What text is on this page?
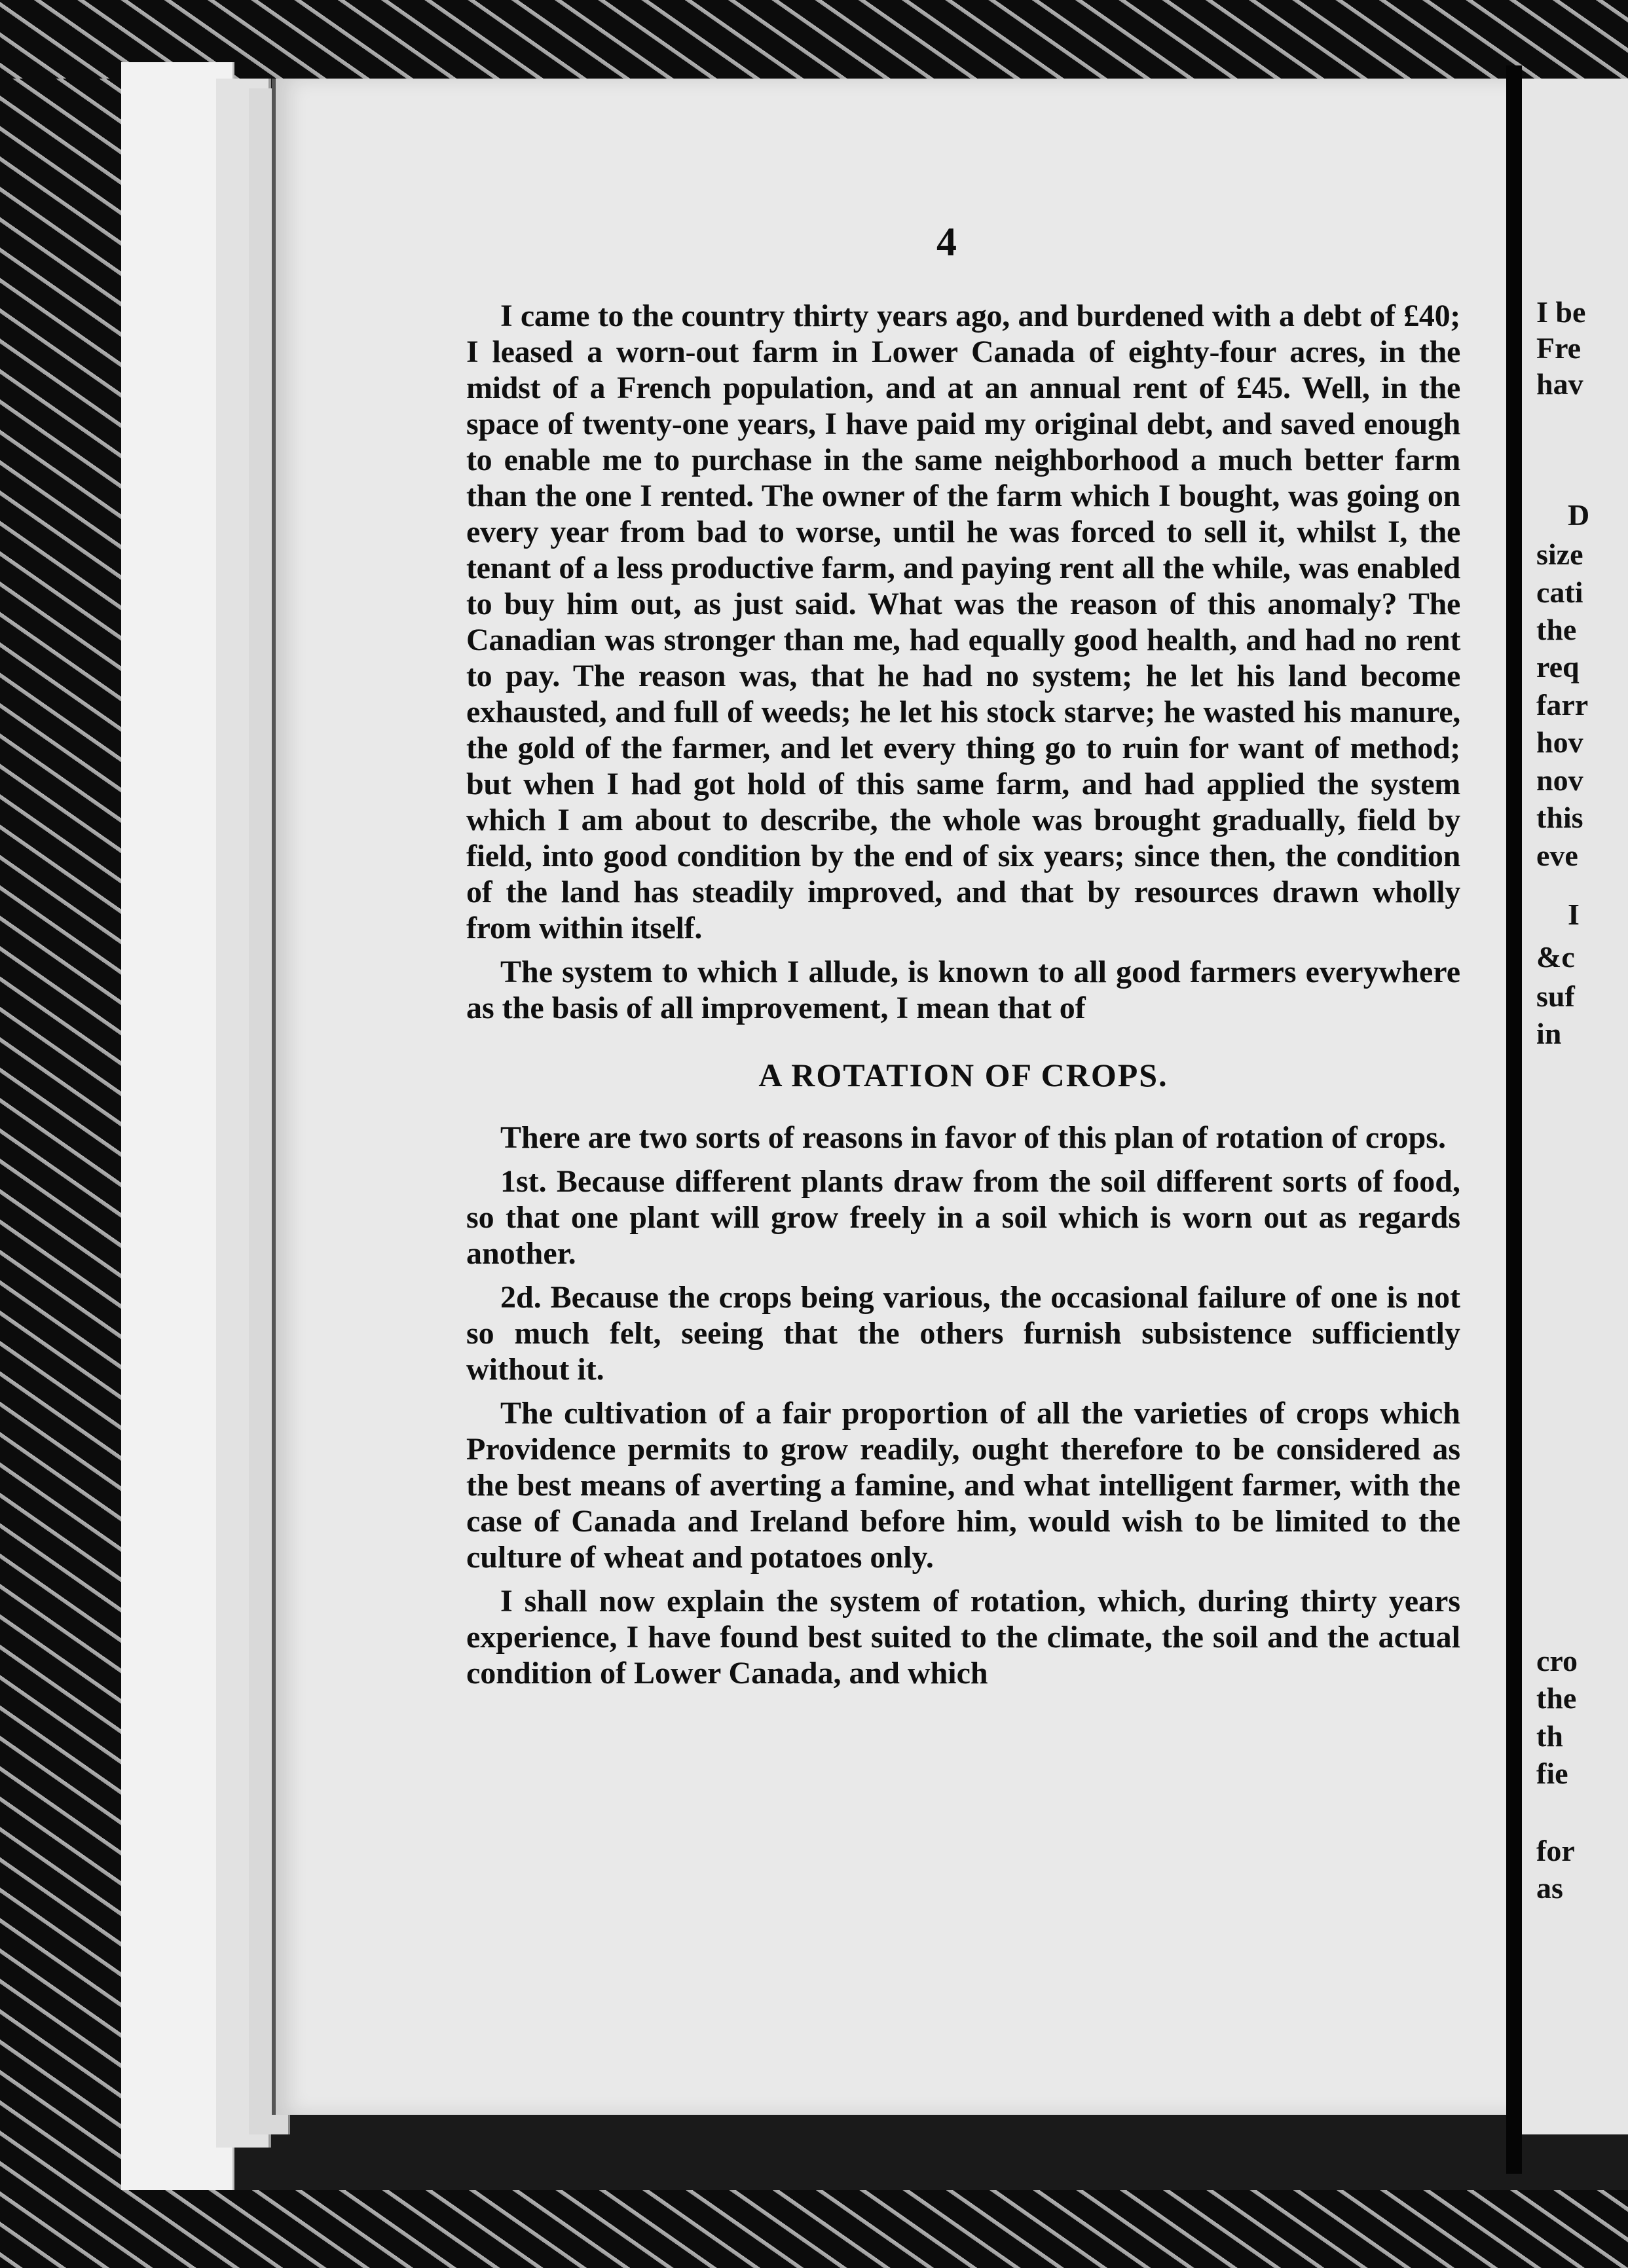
4

I came to the country thirty years ago, and burdened with a debt of £40; I leased a worn-out farm in Lower Canada of eighty-four acres, in the midst of a French population, and at an annual rent of £45. Well, in the space of twenty-one years, I have paid my original debt, and saved enough to enable me to purchase in the same neighborhood a much better farm than the one I rented. The owner of the farm which I bought, was going on every year from bad to worse, until he was forced to sell it, whilst I, the tenant of a less productive farm, and paying rent all the while, was enabled to buy him out, as just said. What was the reason of this anomaly? The Canadian was stronger than me, had equally good health, and had no rent to pay. The reason was, that he had no system; he let his land become exhausted, and full of weeds; he let his stock starve; he wasted his manure, the gold of the farmer, and let every thing go to ruin for want of method; but when I had got hold of this same farm, and had applied the system which I am about to describe, the whole was brought gradually, field by field, into good condition by the end of six years; since then, the condition of the land has steadily improved, and that by resources drawn wholly from within itself.

The system to which I allude, is known to all good farmers everywhere as the basis of all improvement, I mean that of

A ROTATION OF CROPS.

There are two sorts of reasons in favor of this plan of rotation of crops.

1st. Because different plants draw from the soil different sorts of food, so that one plant will grow freely in a soil which is worn out as regards another.

2d. Because the crops being various, the occasional failure of one is not so much felt, seeing that the others furnish subsistence sufficiently without it.

The cultivation of a fair proportion of all the varieties of crops which Providence permits to grow readily, ought therefore to be considered as the best means of averting a famine, and what intelligent farmer, with the case of Canada and Ireland before him, would wish to be limited to the culture of wheat and potatoes only.

I shall now explain the system of rotation, which, during thirty years experience, I have found best suited to the climate, the soil and the actual condition of Lower Canada, and which

I be
Fre
hav
D
size
cati
the
req
farr
hov
nov
this
eve
I
&c
suf
in
cro
the
th
fie
for
as
